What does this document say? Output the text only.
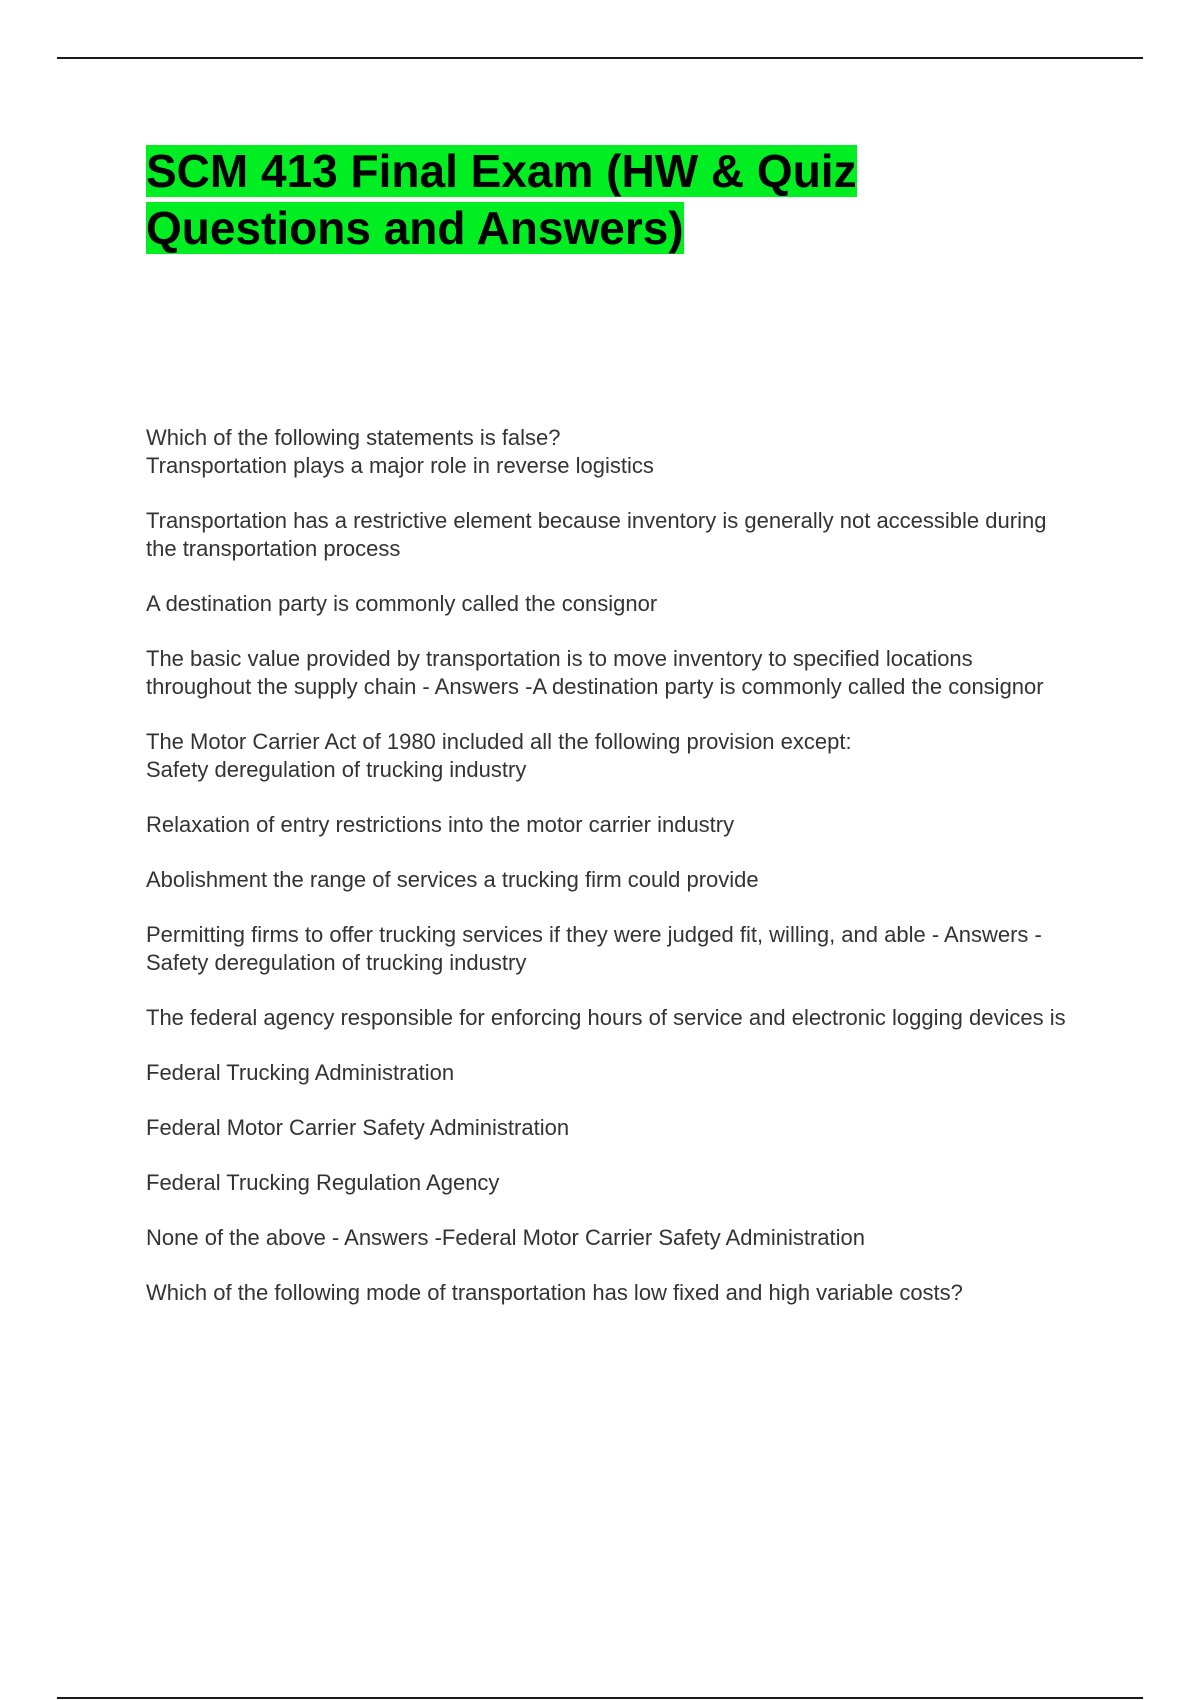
SCM 413 Final Exam (HW & Quiz
Questions and Answers)

Which of the following statements is false?
Transportation plays a major role in reverse logistics

Transportation has a restrictive element because inventory is generally not accessible during the transportation process

A destination party is commonly called the consignor

The basic value provided by transportation is to move inventory to specified locations throughout the supply chain - Answers -A destination party is commonly called the consignor

The Motor Carrier Act of 1980 included all the following provision except:
Safety deregulation of trucking industry

Relaxation of entry restrictions into the motor carrier industry

Abolishment the range of services a trucking firm could provide

Permitting firms to offer trucking services if they were judged fit, willing, and able - Answers -Safety deregulation of trucking industry

The federal agency responsible for enforcing hours of service and electronic logging devices is

Federal Trucking Administration

Federal Motor Carrier Safety Administration

Federal Trucking Regulation Agency

None of the above - Answers -Federal Motor Carrier Safety Administration

Which of the following mode of transportation has low fixed and high variable costs?
